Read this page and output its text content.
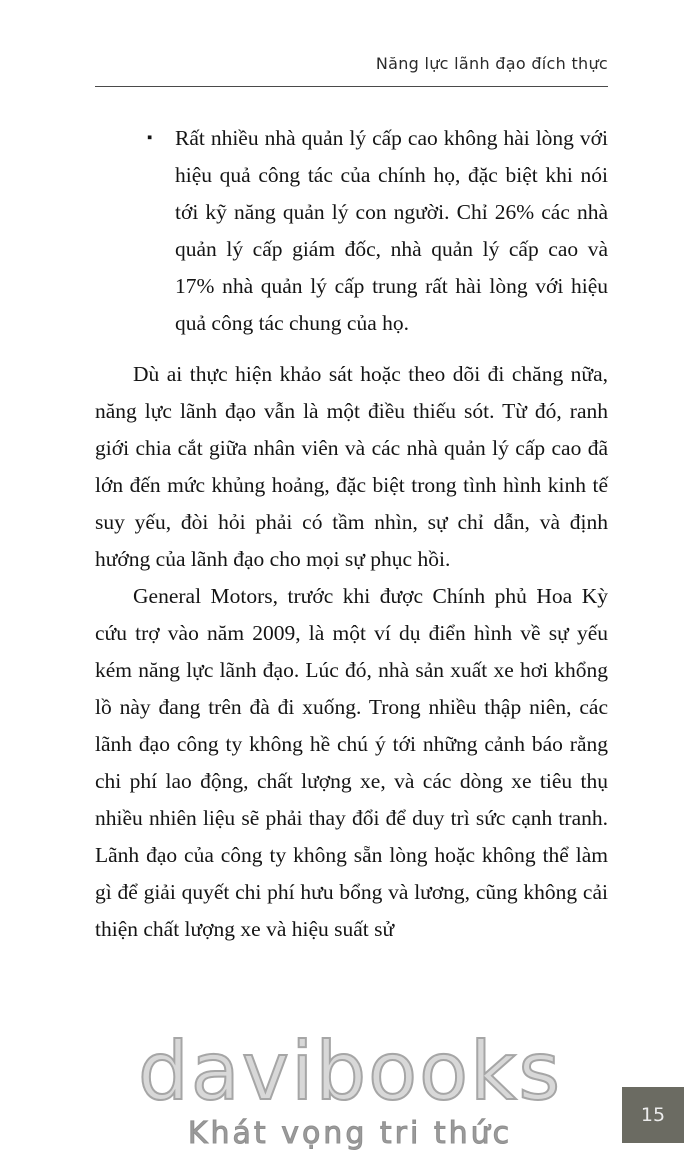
Năng lực lãnh đạo đích thực
▪	Rất nhiều nhà quản lý cấp cao không hài lòng với hiệu quả công tác của chính họ, đặc biệt khi nói tới kỹ năng quản lý con người. Chỉ 26% các nhà quản lý cấp giám đốc, nhà quản lý cấp cao và 17% nhà quản lý cấp trung rất hài lòng với hiệu quả công tác chung của họ.
Dù ai thực hiện khảo sát hoặc theo dõi đi chăng nữa, năng lực lãnh đạo vẫn là một điều thiếu sót. Từ đó, ranh giới chia cắt giữa nhân viên và các nhà quản lý cấp cao đã lớn đến mức khủng hoảng, đặc biệt trong tình hình kinh tế suy yếu, đòi hỏi phải có tầm nhìn, sự chỉ dẫn, và định hướng của lãnh đạo cho mọi sự phục hồi.
General Motors, trước khi được Chính phủ Hoa Kỳ cứu trợ vào năm 2009, là một ví dụ điển hình về sự yếu kém năng lực lãnh đạo. Lúc đó, nhà sản xuất xe hơi khổng lồ này đang trên đà đi xuống. Trong nhiều thập niên, các lãnh đạo công ty không hề chú ý tới những cảnh báo rằng chi phí lao động, chất lượng xe, và các dòng xe tiêu thụ nhiều nhiên liệu sẽ phải thay đổi để duy trì sức cạnh tranh. Lãnh đạo của công ty không sẵn lòng hoặc không thể làm gì để giải quyết chi phí hưu bổng và lương, cũng không cải thiện chất lượng xe và hiệu suất sử
davibooks
Khát vọng tri thức
15
